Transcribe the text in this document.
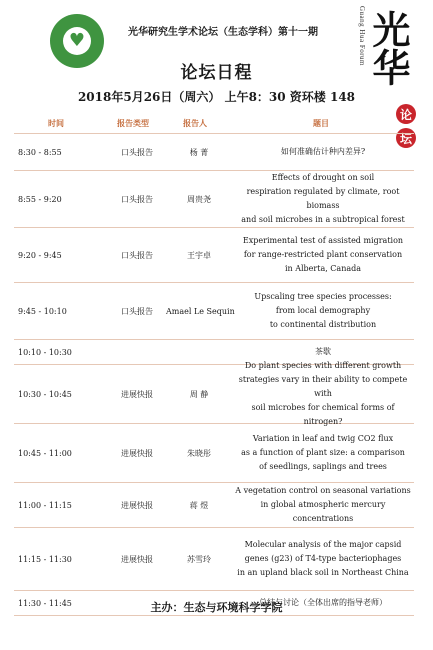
♥	光华研究生学术论坛（生态学科）第十一期	Guang Hua Forum 光华
论
坛
论坛日程
2018年5月26日（周六） 上午8：30 资环楼 148
时间	报告类型	报告人	题目
8:30 - 8:55	口头报告	杨 菁	如何准确估计种内差异?
8:55 - 9:20	口头报告	周贵尧
Effects of drought on soil
respiration regulated by climate, root biomass
and soil microbes in a subtropical forest
9:20 - 9:45	口头报告	王宇卓
Experimental test of assisted migration
for range-restricted plant conservation
in Alberta, Canada
9:45 - 10:10	口头报告	Amael Le Sequin
Upscaling tree species processes:
from local demography
to continental distribution
10:10 - 10:30	茶歇
10:30 - 10:45	进展快报	周 静
Do plant species with different growth
strategies vary in their ability to compete with
soil microbes for chemical forms of nitrogen?
10:45 - 11:00	进展快报	朱晓彤
Variation in leaf and twig CO2 flux
as a function of plant size: a comparison
of seedlings, saplings and trees
11:00 - 11:15	进展快报	蒋 煜
A vegetation control on seasonal variations
in global atmospheric mercury concentrations
11:15 - 11:30	进展快报	苏雪玲
Molecular analysis of the major capsid
genes (g23) of T4-type bacteriophages
in an upland black soil in Northeast China
11:30 - 11:45	总结与讨论（全体出席的指导老师）
主办：生态与环境科学学院
